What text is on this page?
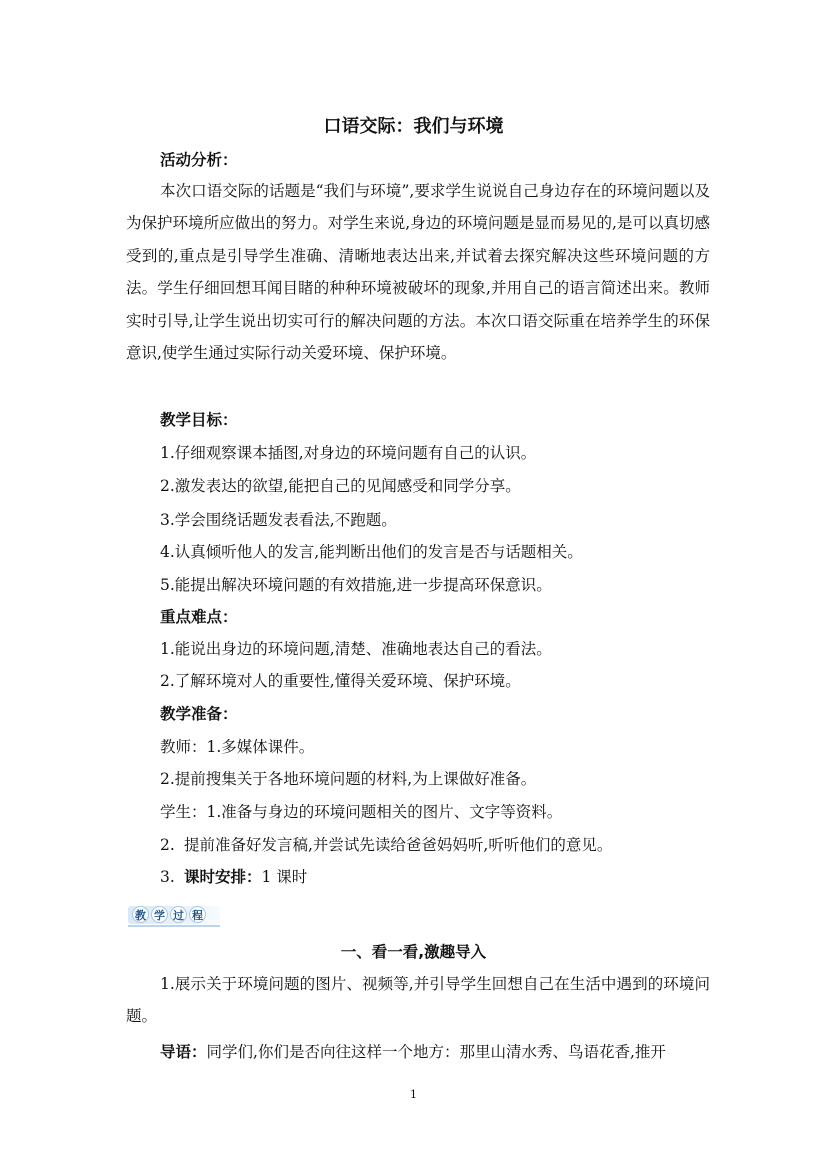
口语交际：我们与环境
活动分析：

本次口语交际的话题是“我们与环境”,要求学生说说自己身边存在的环境问题以及为保护环境所应做出的努力。对学生来说,身边的环境问题是显而易见的,是可以真切感受到的,重点是引导学生准确、清晰地表达出来,并试着去探究解决这些环境问题的方法。学生仔细回想耳闻目睹的种种环境被破坏的现象,并用自己的语言简述出来。教师实时引导,让学生说出切实可行的解决问题的方法。本次口语交际重在培养学生的环保意识,使学生通过实际行动关爱环境、保护环境。

教学目标：
1.仔细观察课本插图,对身边的环境问题有自己的认识。
2.激发表达的欲望,能把自己的见闻感受和同学分享。
3.学会围绕话题发表看法,不跑题。
4.认真倾听他人的发言,能判断出他们的发言是否与话题相关。
5.能提出解决环境问题的有效措施,进一步提高环保意识。
重点难点：
1.能说出身边的环境问题,清楚、准确地表达自己的看法。
2.了解环境对人的重要性,懂得关爱环境、保护环境。
教学准备：
教师：1.多媒体课件。
2.提前搜集关于各地环境问题的材料,为上课做好准备。
学生：1.准备与身边的环境问题相关的图片、文字等资料。
2. 提前准备好发言稿,并尝试先读给爸爸妈妈听,听听他们的意见。
3. 课时安排：1 课时
教 学 过 程
一、看一看,激趣导入

1.展示关于环境问题的图片、视频等,并引导学生回想自己在生活中遇到的环境问题。

导语：同学们,你们是否向往这样一个地方：那里山清水秀、鸟语花香,推开
1
